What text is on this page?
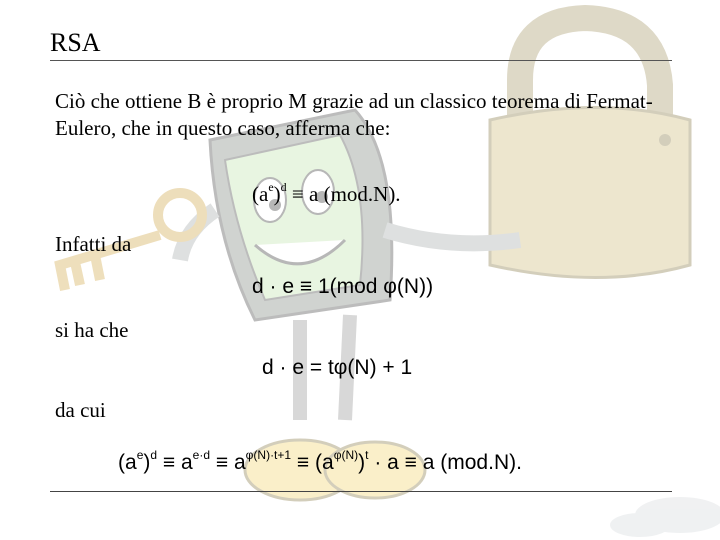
RSA
Ciò che ottiene B è proprio M grazie ad un classico teorema di Fermat-Eulero, che in questo caso, afferma che:
$(a^e)^d \equiv a$ (mod.N).
Infatti da
d · e ≡ 1(mod φ(N))
si ha che
d · e = tφ(N) + 1
da cui
$(a^e)^d \equiv a^{e\cdot d} \equiv a^{\varphi(N)\cdot t+1} \equiv (a^{\varphi(N)})^t \cdot a \equiv a$ (mod.N).
